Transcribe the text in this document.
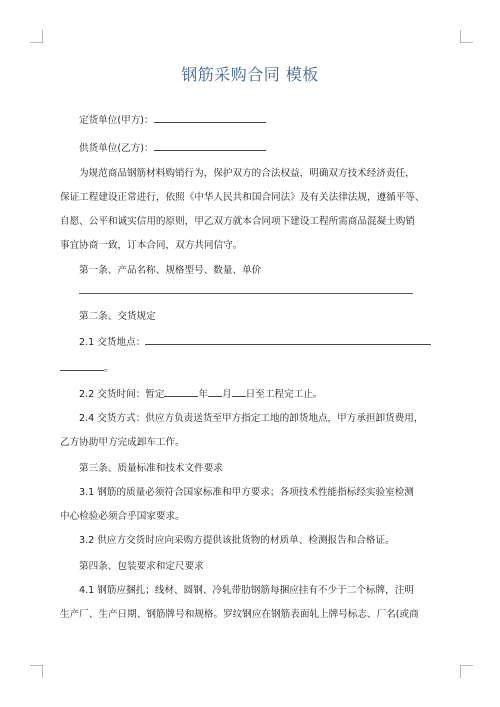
钢筋采购合同 模板

定货单位(甲方)：

供货单位(乙方)：

为规范商品钢筋材料购销行为，保护双方的合法权益，明确双方技术经济责任，

保证工程建设正常进行，依照《中华人民共和国合同法》及有关法律法规，遵循平等、

自愿、公平和诚实信用的原则，甲乙双方就本合同项下建设工程所需商品混凝土购销

事宜协商一致，订本合同，双方共同信守。

第一条、产品名称、规格型号、数量、单价

第二条、交货规定

2.1 交货地点：

。

2.2 交货时间：暂定	年 月 日至工程完工止。

2.4 交货方式：供应方负责送货至甲方指定工地的卸货地点，甲方承担卸货费用，

乙方协助甲方完成卸车工作。

第三条、质量标准和技术文件要求

3.1 钢筋的质量必须符合国家标准和甲方要求；各项技术性能指标经实验室检测

中心检验必须合乎国家要求。

3.2 供应方交货时应向采购方提供该批货物的材质单、检测报告和合格证。

第四条、包装要求和定尺要求

4.1 钢筋应捆扎；线材、圆钢、冷轧带肋钢筋每捆应挂有不少于二个标牌，注明

生产厂、生产日期、钢筋牌号和规格。罗纹钢应在钢筋表面轧上牌号标志、厂名(或商
